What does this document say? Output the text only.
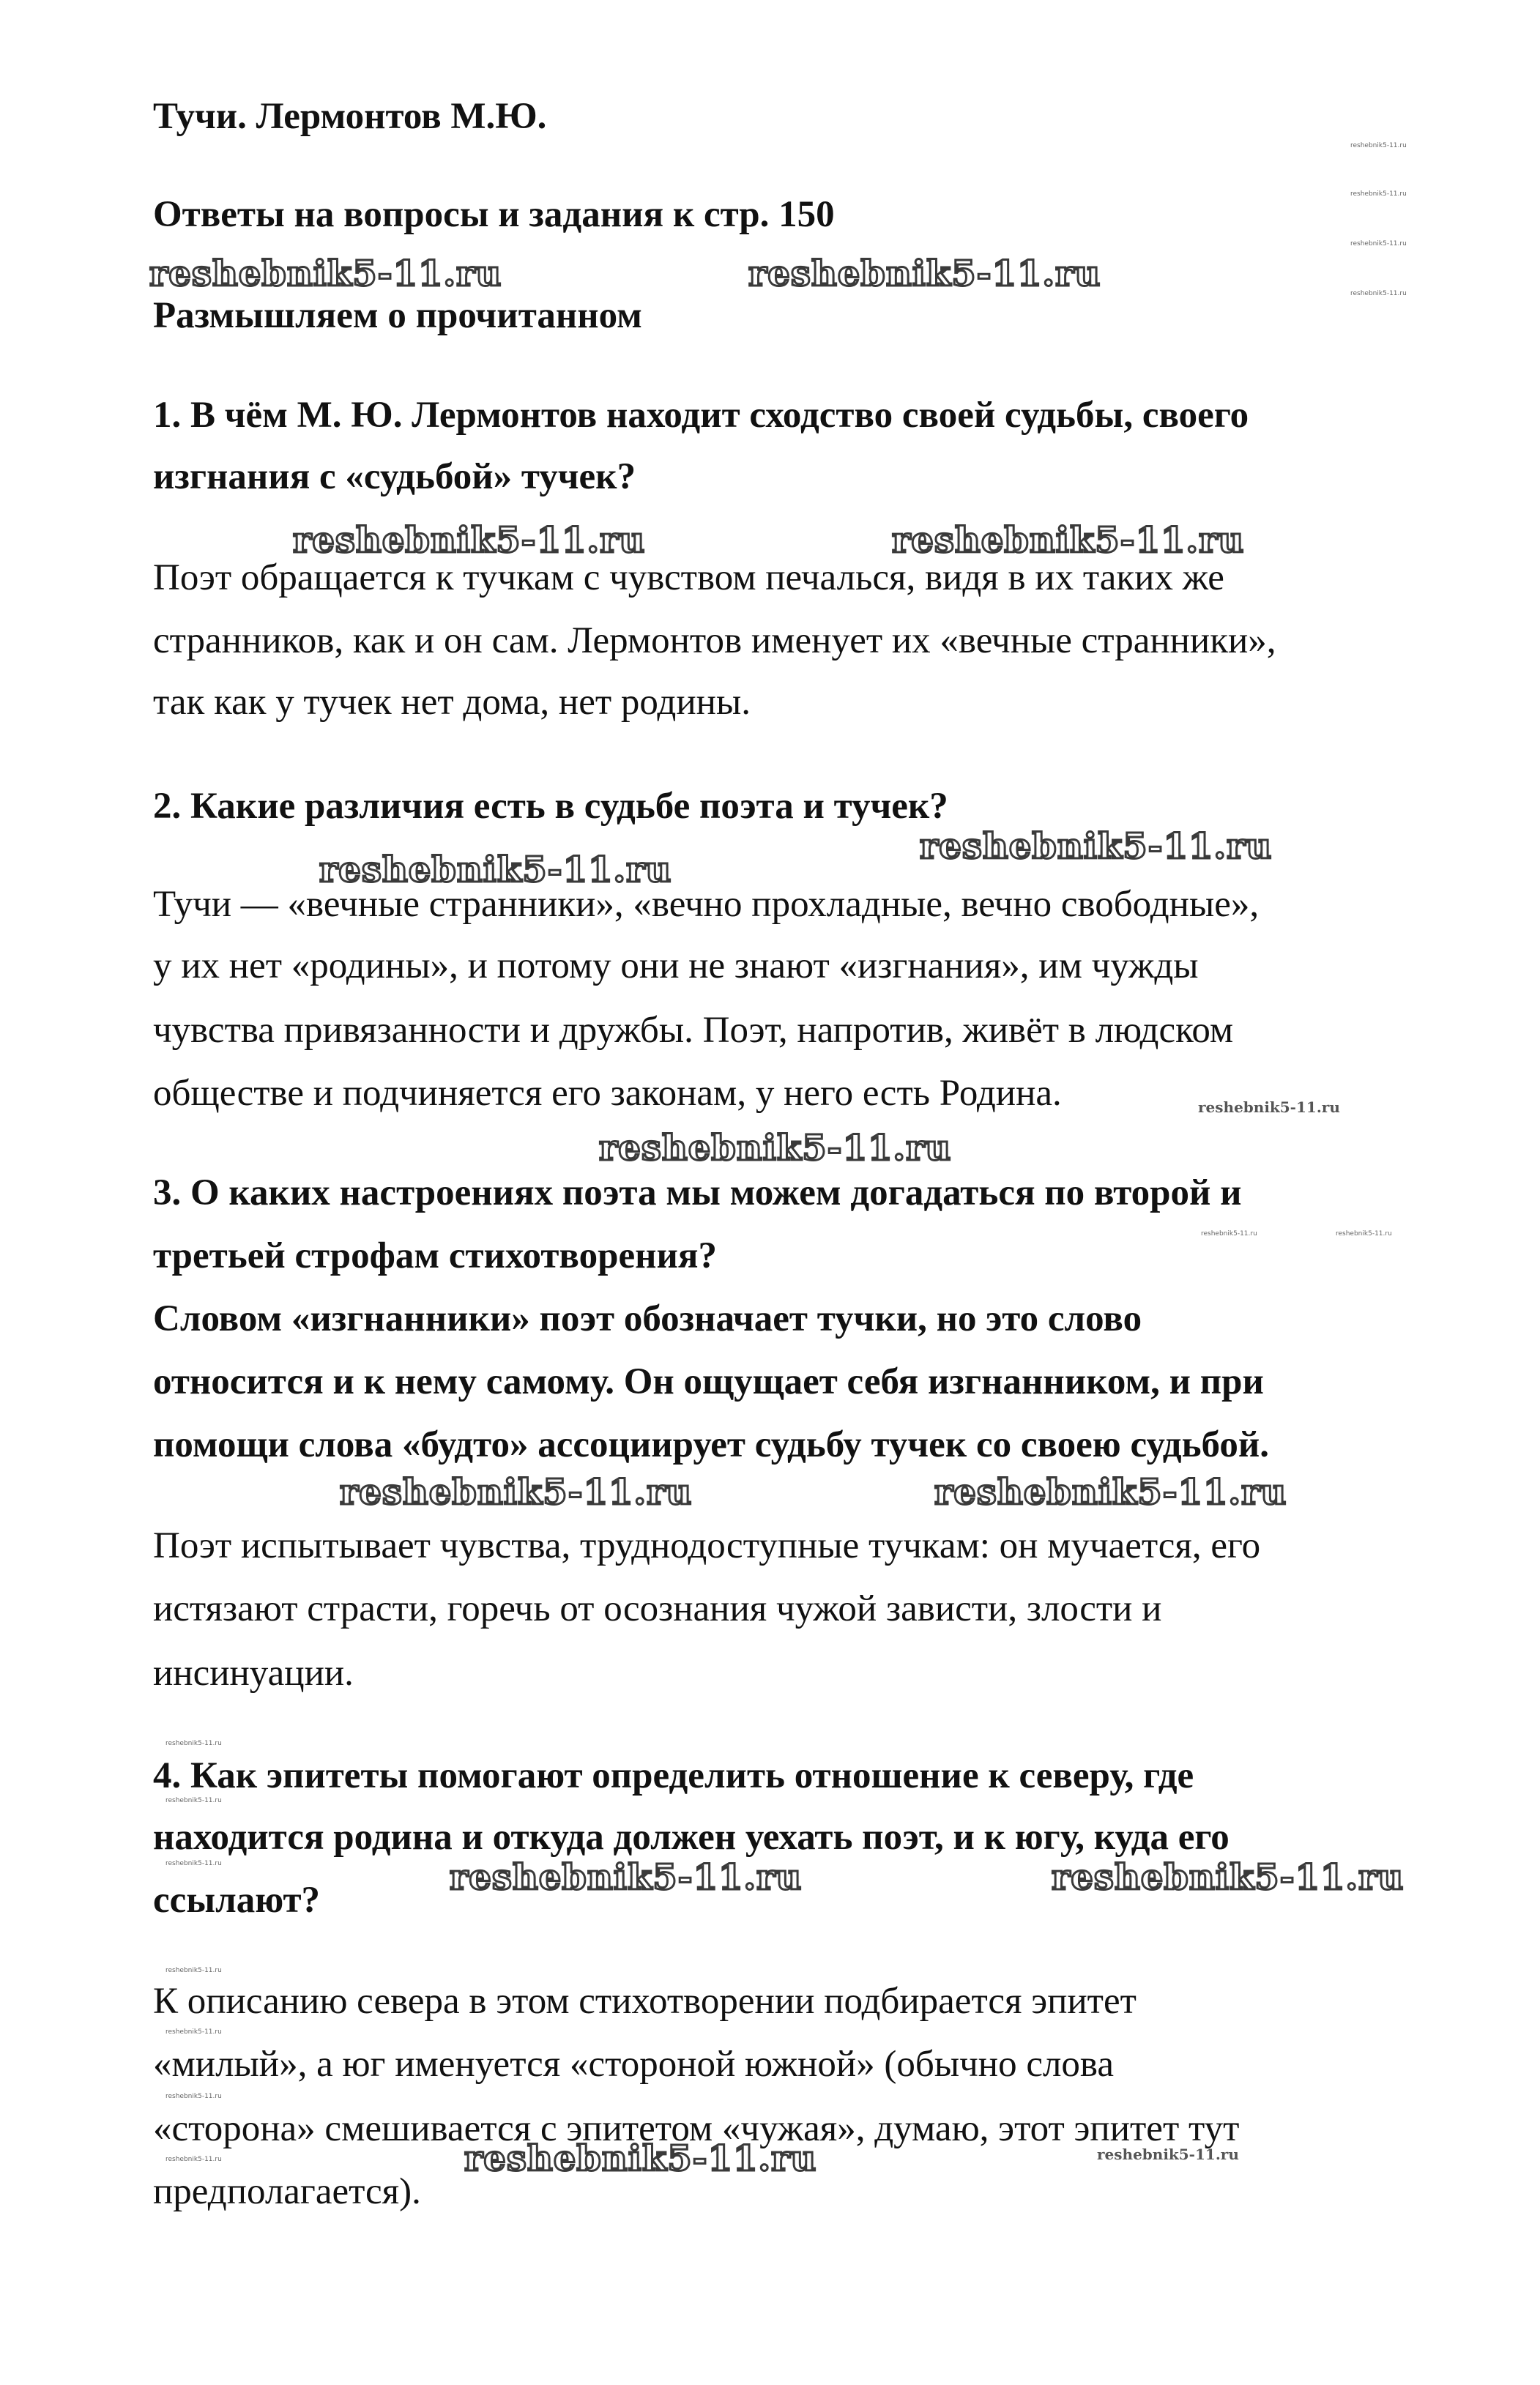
Тучи. Лермонтов М.Ю.
Ответы на вопросы и задания к стр. 150
Размышляем о прочитанном
1. В чём М. Ю. Лермонтов находит сходство своей судьбы, своего
изгнания с «судьбой» тучек?
Поэт обращается к тучкам с чувством печалься, видя в их таких же
странников, как и он сам. Лермонтов именует их «вечные странники»,
так как у тучек нет дома, нет родины.
2. Какие различия есть в судьбе поэта и тучек?
Тучи — «вечные странники», «вечно прохладные, вечно свободные»,
у их нет «родины», и потому они не знают «изгнания», им чужды
чувства привязанности и дружбы. Поэт, напротив, живёт в людском
обществе и подчиняется его законам, у него есть Родина.
3. О каких настроениях поэта мы можем догадаться по второй и
третьей строфам стихотворения?
Словом «изгнанники» поэт обозначает тучки, но это слово
относится и к нему самому. Он ощущает себя изгнанником, и при
помощи слова «будто» ассоциирует судьбу тучек со своею судьбой.
Поэт испытывает чувства, труднодоступные тучкам: он мучается, его
истязают страсти, горечь от осознания чужой зависти, злости и
инсинуации.
4. Как эпитеты помогают определить отношение к северу, где
находится родина и откуда должен уехать поэт, и к югу, куда его
ссылают?
К описанию севера в этом стихотворении подбирается эпитет
«милый», а юг именуется «стороной южной» (обычно слова
«сторона» смешивается с эпитетом «чужая», думаю, этот эпитет тут
предполагается).
reshebnik5-11.ru	reshebnik5-11.ru
reshebnik5-11.ru	reshebnik5-11.ru
reshebnik5-11.ru
reshebnik5-11.ru
reshebnik5-11.ru
reshebnik5-11.ru	reshebnik5-11.ru
reshebnik5-11.ru	reshebnik5-11.ru
reshebnik5-11.ru
reshebnik5-11.ru
reshebnik5-11.ru
reshebnik5-11.ru
reshebnik5-11.ru
reshebnik5-11.ru
reshebnik5-11.ru
reshebnik5-11.ru	reshebnik5-11.ru
reshebnik5-11.ru
reshebnik5-11.ru
reshebnik5-11.ru
reshebnik5-11.ru
reshebnik5-11.ru
reshebnik5-11.ru
reshebnik5-11.ru
